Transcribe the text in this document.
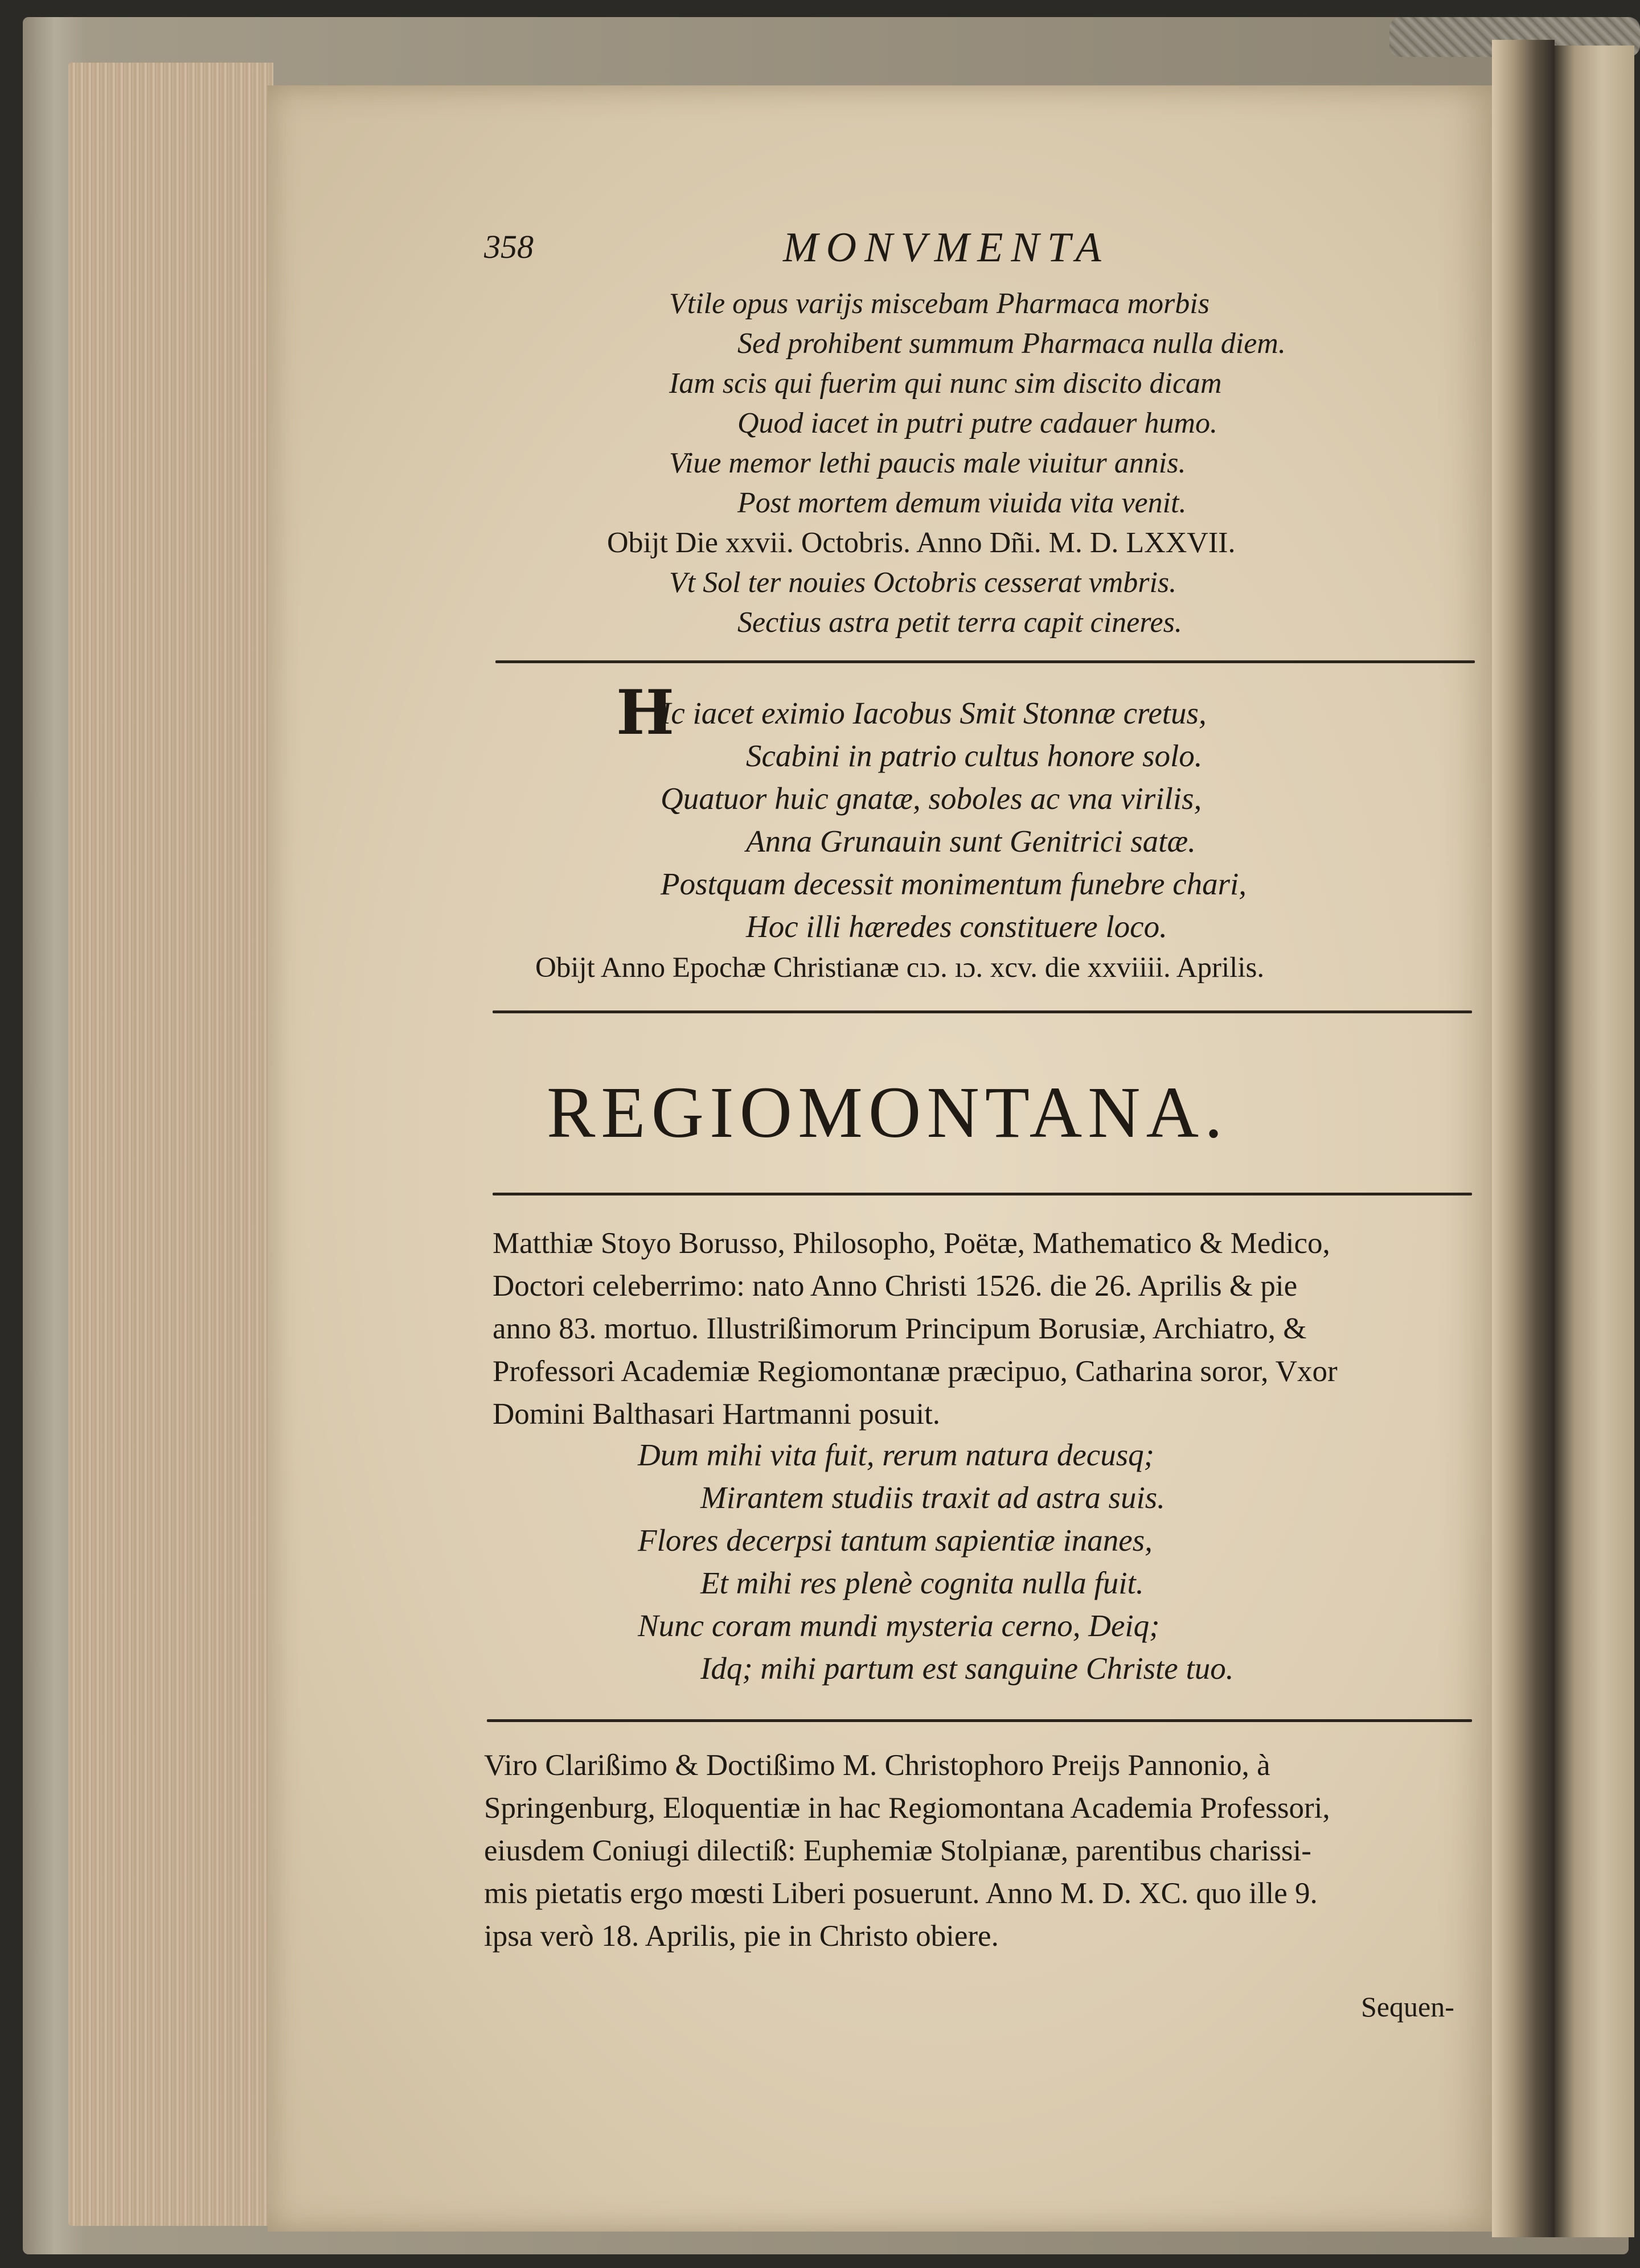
358	MONVMENTA
Vtile opus varijs miscebam Pharmaca morbis
Sed prohibent summum Pharmaca nulla diem.
Iam scis qui fuerim qui nunc sim discito dicam
Quod iacet in putri putre cadauer humo.
Viue memor lethi paucis male viuitur annis.
Post mortem demum viuida vita venit.
Obijt Die xxvii. Octobris. Anno Dñi. M. D. LXXVII.
Vt Sol ter nouies Octobris cesserat vmbris.
Sectius astra petit terra capit cineres.
H
Ic iacet eximio Iacobus Smit Stonnæ cretus,
Scabini in patrio cultus honore solo.
Quatuor huic gnatæ, soboles ac vna virilis,
Anna Grunauin sunt Genitrici satæ.
Postquam decessit monimentum funebre chari,
Hoc illi hæredes constituere loco.
Obijt Anno Epochæ Christianæ cıɔ. ıɔ. xcv. die xxviiii. Aprilis.
REGIOMONTANA.
Matthiæ Stoyo Borusso, Philosopho, Poëtæ, Mathematico & Medico,
Doctori celeberrimo: nato Anno Christi 1526. die 26. Aprilis & pie
anno 83. mortuo. Illustrißimorum Principum Borusiæ, Archiatro, &
Professori Academiæ Regiomontanæ præcipuo, Catharina soror, Vxor
Domini Balthasari Hartmanni posuit.
Dum mihi vita fuit, rerum natura decusq;
Mirantem studiis traxit ad astra suis.
Flores decerpsi tantum sapientiæ inanes,
Et mihi res plenè cognita nulla fuit.
Nunc coram mundi mysteria cerno, Deiq;
Idq; mihi partum est sanguine Christe tuo.
Viro Clarißimo & Doctißimo M. Christophoro Preijs Pannonio, à
Springenburg, Eloquentiæ in hac Regiomontana Academia Professori,
eiusdem Coniugi dilectiß: Euphemiæ Stolpianæ, parentibus charissi-
mis pietatis ergo mœsti Liberi posuerunt. Anno M. D. XC. quo ille 9.
ipsa verò 18. Aprilis, pie in Christo obiere.
Sequen-
